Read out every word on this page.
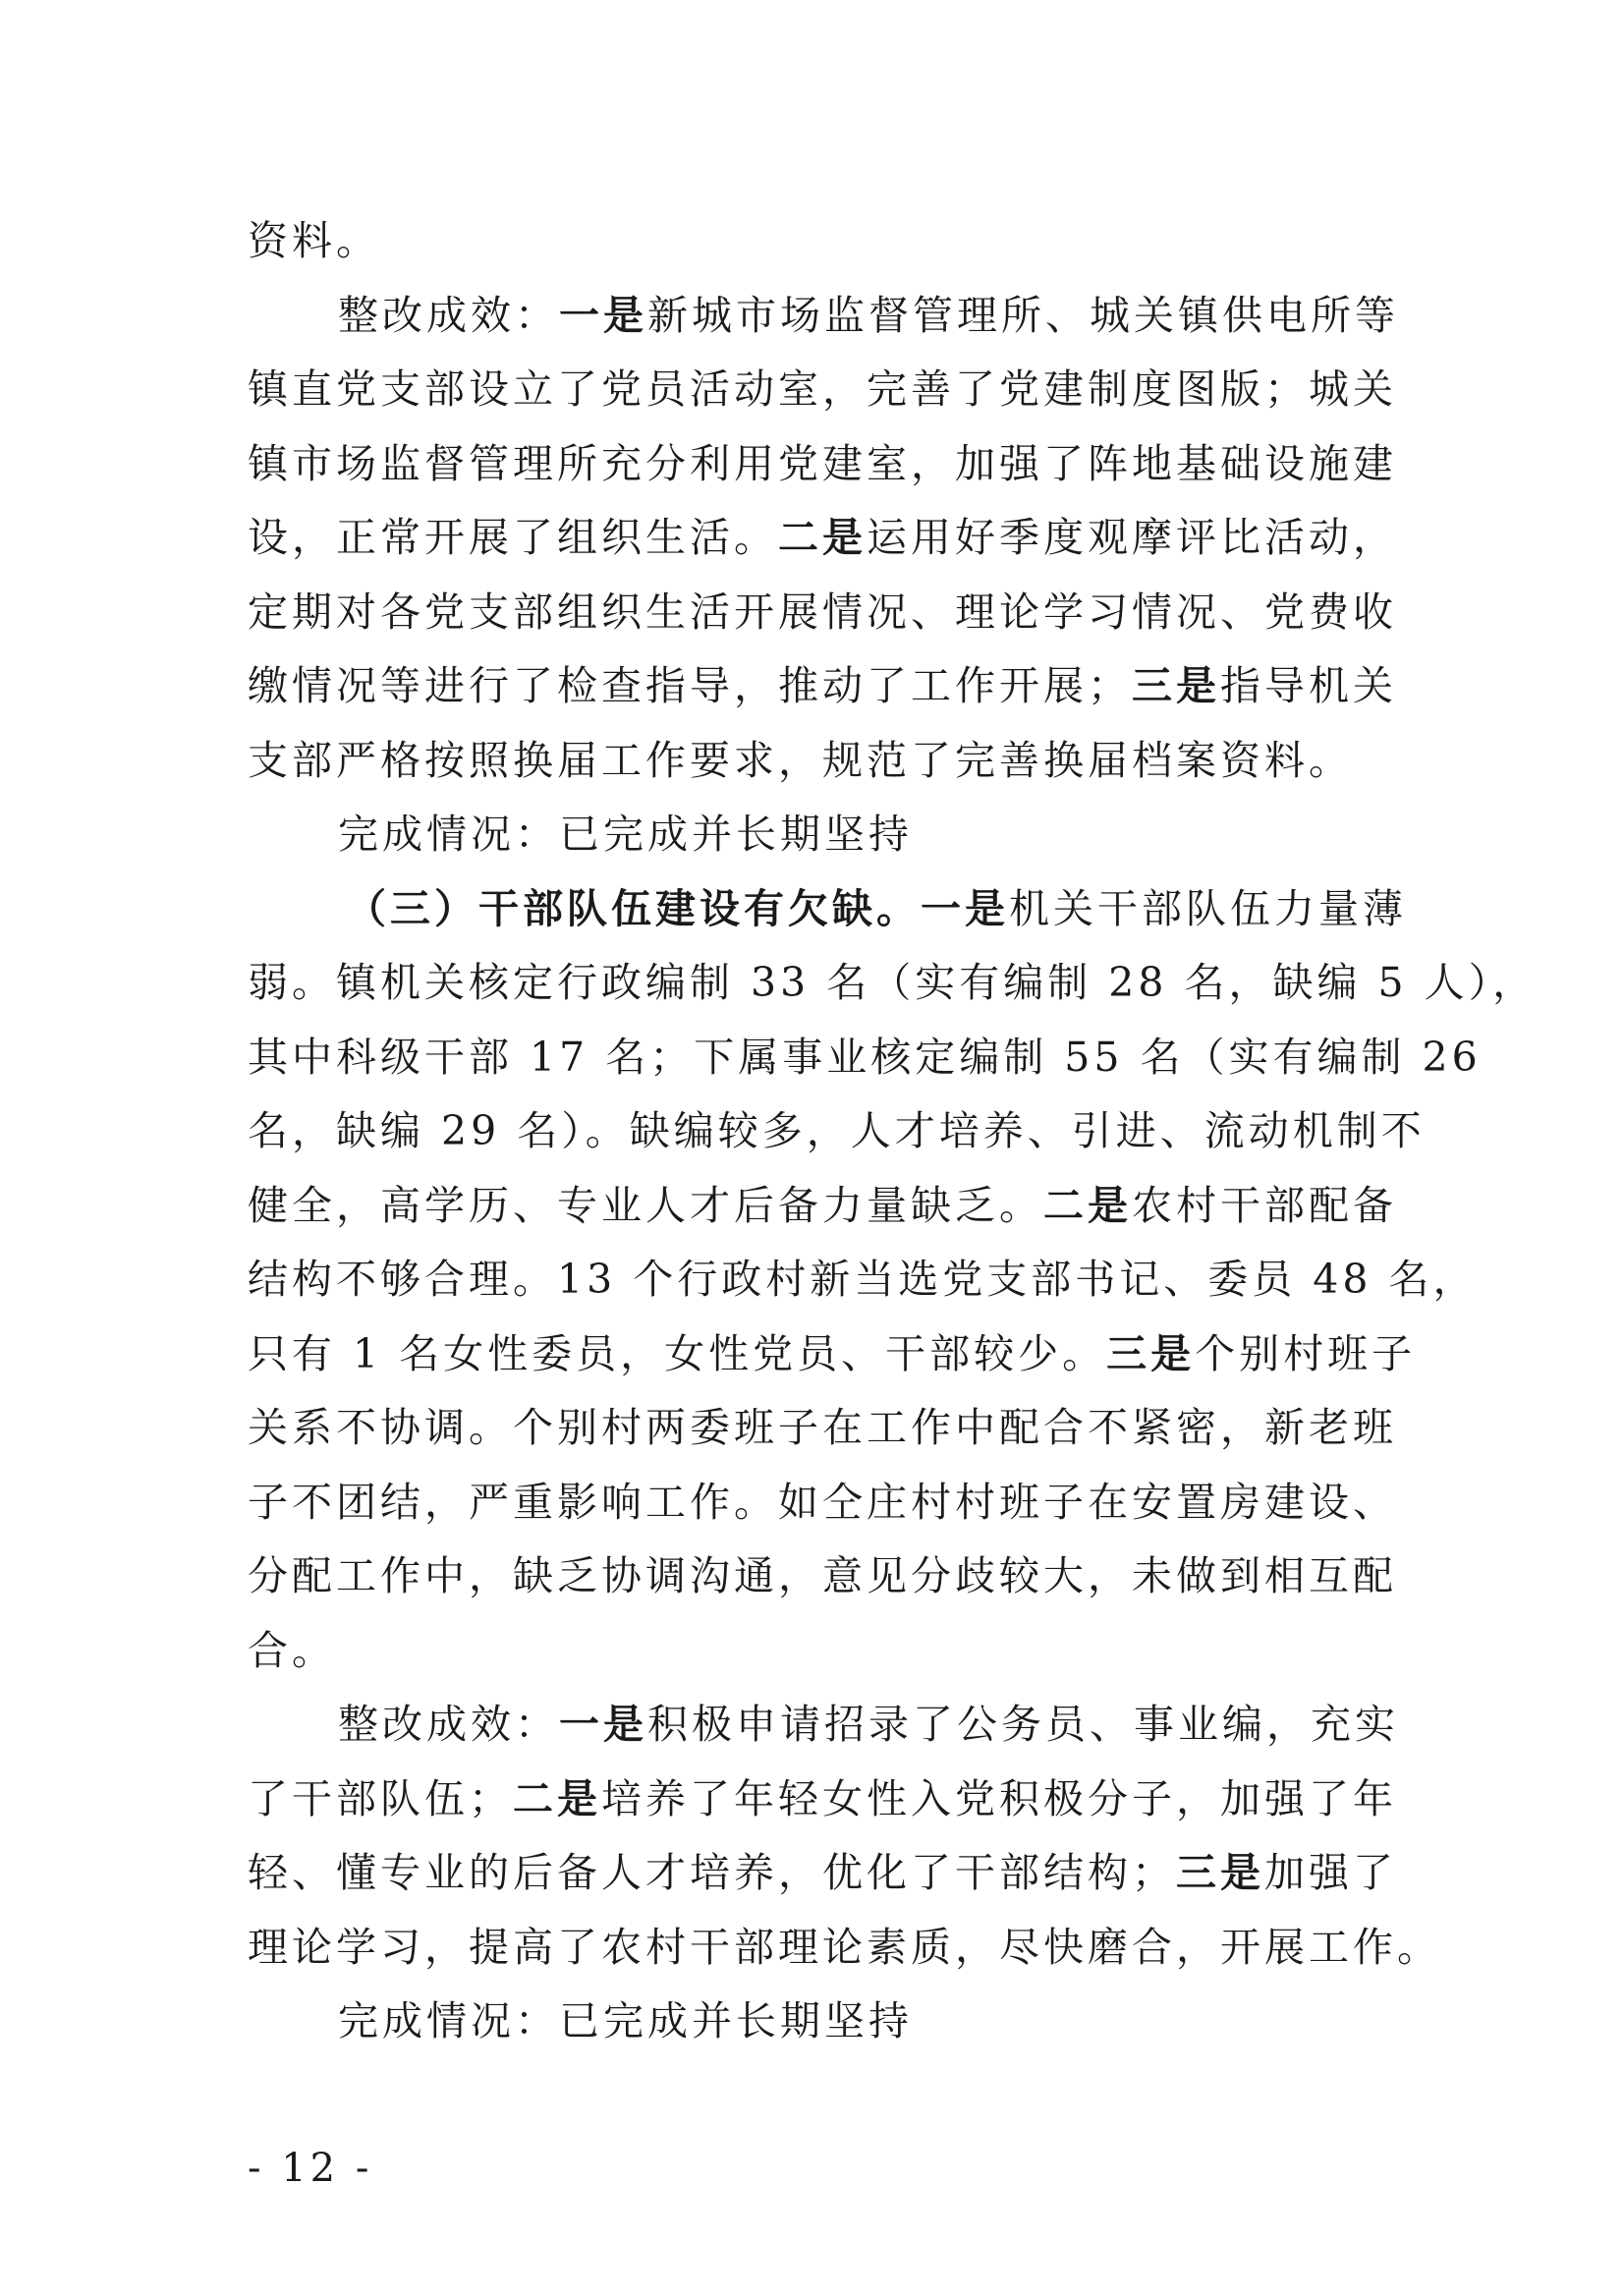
资料。
整改成效：一是新城市场监督管理所、城关镇供电所等
镇直党支部设立了党员活动室，完善了党建制度图版；城关
镇市场监督管理所充分利用党建室，加强了阵地基础设施建
设，正常开展了组织生活。二是运用好季度观摩评比活动，
定期对各党支部组织生活开展情况、理论学习情况、党费收
缴情况等进行了检查指导，推动了工作开展；三是指导机关
支部严格按照换届工作要求，规范了完善换届档案资料。
完成情况：已完成并长期坚持
（三）干部队伍建设有欠缺。一是机关干部队伍力量薄
弱。镇机关核定行政编制 33 名（实有编制 28 名，缺编 5 人），
其中科级干部 17 名；下属事业核定编制 55 名（实有编制 26
名，缺编 29 名）。缺编较多，人才培养、引进、流动机制不
健全，高学历、专业人才后备力量缺乏。二是农村干部配备
结构不够合理。13 个行政村新当选党支部书记、委员 48 名，
只有 1 名女性委员，女性党员、干部较少。三是个别村班子
关系不协调。个别村两委班子在工作中配合不紧密，新老班
子不团结，严重影响工作。如仝庄村村班子在安置房建设、
分配工作中，缺乏协调沟通，意见分歧较大，未做到相互配
合。
整改成效：一是积极申请招录了公务员、事业编，充实
了干部队伍；二是培养了年轻女性入党积极分子，加强了年
轻、懂专业的后备人才培养，优化了干部结构；三是加强了
理论学习，提高了农村干部理论素质，尽快磨合，开展工作。
完成情况：已完成并长期坚持
- 12 -
